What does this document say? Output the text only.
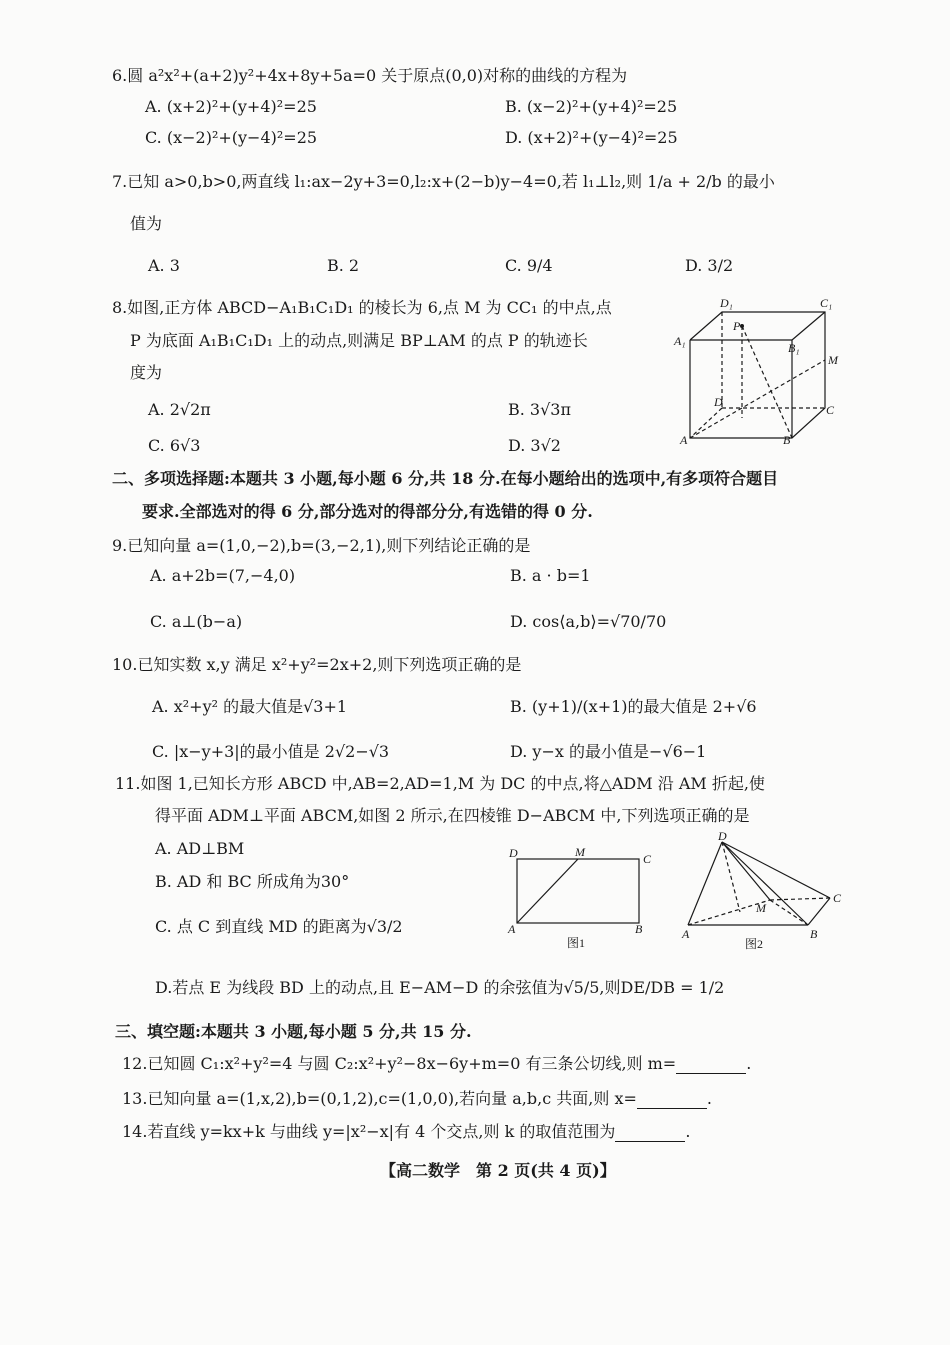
6.圆 a²x²+(a+2)y²+4x+8y+5a=0 关于原点(0,0)对称的曲线的方程为
A. (x+2)²+(y+4)²=25	B. (x−2)²+(y+4)²=25
C. (x−2)²+(y−4)²=25	D. (x+2)²+(y−4)²=25
7.已知 a>0,b>0,两直线 l₁:ax−2y+3=0,l₂:x+(2−b)y−4=0,若 l₁⊥l₂,则 1/a + 2/b 的最小
值为
A. 3	B. 2	C. 9/4	D. 3/2
8.如图,正方体 ABCD−A₁B₁C₁D₁ 的棱长为 6,点 M 为 CC₁ 的中点,点
P 为底面 A₁B₁C₁D₁ 上的动点,则满足 BP⊥AM 的点 P 的轨迹长
度为
A. 2√2π	B. 3√3π
C. 6√3	D. 3√2
D₁	C₁
A₁	B₁
P
M
D
C
A	B
二、多项选择题:本题共 3 小题,每小题 6 分,共 18 分.在每小题给出的选项中,有多项符合题目
要求.全部选对的得 6 分,部分选对的得部分分,有选错的得 0 分.
9.已知向量 a=(1,0,−2),b=(3,−2,1),则下列结论正确的是
A. a+2b=(7,−4,0)	B. a · b=1
C. a⊥(b−a)	D. cos⟨a,b⟩=√70/70
10.已知实数 x,y 满足 x²+y²=2x+2,则下列选项正确的是
A. x²+y² 的最大值是√3+1	B. (y+1)/(x+1)的最大值是 2+√6
C. |x−y+3|的最小值是 2√2−√3	D. y−x 的最小值是−√6−1
11.如图 1,已知长方形 ABCD 中,AB=2,AD=1,M 为 DC 的中点,将△ADM 沿 AM 折起,使
得平面 ADM⊥平面 ABCM,如图 2 所示,在四棱锥 D−ABCM 中,下列选项正确的是
A. AD⊥BM
B. AD 和 BC 所成角为30°
C. 点 C 到直线 MD 的距离为√3/2
D.若点 E 为线段 BD 上的动点,且 E−AM−D 的余弦值为√5/5,则DE/DB = 1/2
D	M	C
A	B
图1
D
C
M
A	B
图2
三、填空题:本题共 3 小题,每小题 5 分,共 15 分.
12.已知圆 C₁:x²+y²=4 与圆 C₂:x²+y²−8x−6y+m=0 有三条公切线,则 m=	.
13.已知向量 a=(1,x,2),b=(0,1,2),c=(1,0,0),若向量 a,b,c 共面,则 x=	.
14.若直线 y=kx+k 与曲线 y=|x²−x|有 4 个交点,则 k 的取值范围为	.
【高二数学　第 2 页(共 4 页)】
